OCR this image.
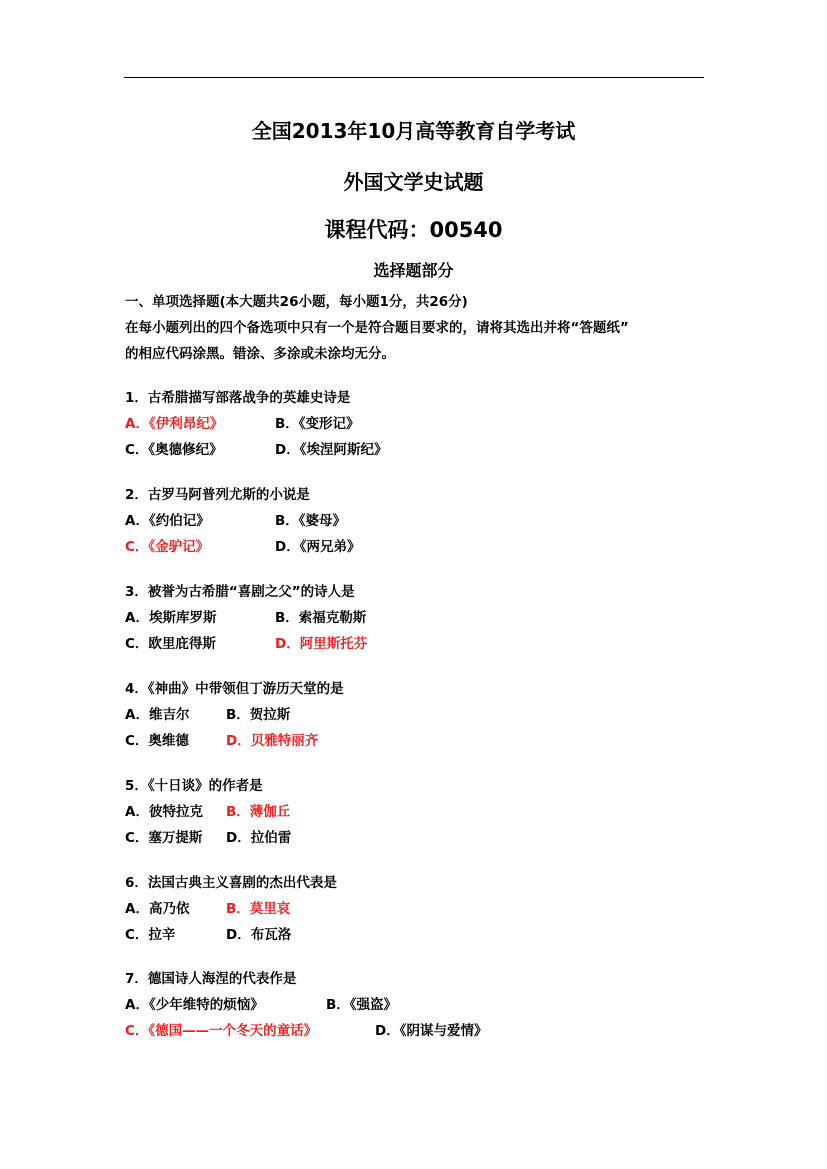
全国2013年10月高等教育自学考试
外国文学史试题
课程代码：00540
选择题部分
一、单项选择题(本大题共26小题，每小题1分，共26分)
在每小题列出的四个备选项中只有一个是符合题目要求的，请将其选出并将“答题纸”
的相应代码涂黑。错涂、多涂或未涂均无分。
1．古希腊描写部落战争的英雄史诗是
A．《伊利昂纪》	B．《变形记》
C．《奥德修纪》	D．《埃涅阿斯纪》
2．古罗马阿普列尤斯的小说是
A．《约伯记》	B．《婆母》
C．《金驴记》	D．《两兄弟》
3．被誉为古希腊“喜剧之父”的诗人是
A．埃斯库罗斯	B．索福克勒斯
C．欧里庇得斯	D．阿里斯托芬
4．《神曲》中带领但丁游历天堂的是
A．维吉尔	B．贺拉斯
C．奥维德	D．贝雅特丽齐
5．《十日谈》的作者是
A．彼特拉克 B．薄伽丘
C．塞万提斯 D．拉伯雷
6．法国古典主义喜剧的杰出代表是
A．高乃依	B．莫里哀
C．拉辛	D．布瓦洛
7．德国诗人海涅的代表作是
A．《少年维特的烦恼》	B．《强盗》
C．《德国——一个冬天的童话》	D．《阴谋与爱情》
